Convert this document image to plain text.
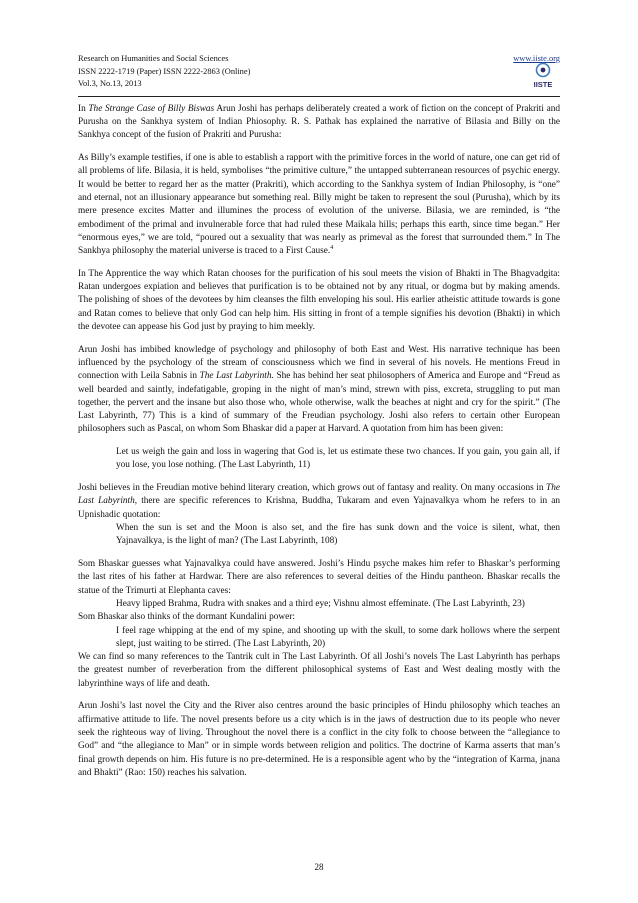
Research on Humanities and Social Sciences
ISSN 2222-1719 (Paper) ISSN 2222-2863 (Online)
Vol.3, No.13, 2013
www.iiste.org
IISTE

In The Strange Case of Billy Biswas Arun Joshi has perhaps deliberately created a work of fiction on the concept of Prakriti and Purusha on the Sankhya system of Indian Phiosophy. R. S. Pathak has explained the narrative of Bilasia and Billy on the Sankhya concept of the fusion of Prakriti and Purusha:

As Billy’s example testifies, if one is able to establish a rapport with the primitive forces in the world of nature, one can get rid of all problems of life. Bilasia, it is held, symbolises “the primitive culture,” the untapped subterranean resources of psychic energy. It would be better to regard her as the matter (Prakriti), which according to the Sankhya system of Indian Philosophy, is “one” and eternal, not an illusionary appearance but something real. Billy might be taken to represent the soul (Purusha), which by its mere presence excites Matter and illumines the process of evolution of the universe. Bilasia, we are reminded, is “the embodiment of the primal and invulnerable force that had ruled these Maikala hills; perhaps this earth, since time began.” Her “enormous eyes,” we are told, “poured out a sexuality that was nearly as primeval as the forest that surrounded them.” In The Sankhya philosophy the material universe is traced to a First Cause.$^4$

In The Apprentice the way which Ratan chooses for the purification of his soul meets the vision of Bhakti in The Bhagvadgita: Ratan undergoes expiation and believes that purification is to be obtained not by any ritual, or dogma but by making amends. The polishing of shoes of the devotees by him cleanses the filth enveloping his soul. His earlier atheistic attitude towards is gone and Ratan comes to believe that only God can help him. His sitting in front of a temple signifies his devotion (Bhakti) in which the devotee can appease his God just by praying to him meekly.

Arun Joshi has imbibed knowledge of psychology and philosophy of both East and West. His narrative technique has been influenced by the psychology of the stream of consciousness which we find in several of his novels. He mentions Freud in connection with Leila Sabnis in The Last Labyrinth. She has behind her seat philosophers of America and Europe and “Freud as well bearded and saintly, indefatigable, groping in the night of man’s mind, strewn with piss, excreta, struggling to put man together, the pervert and the insane but also those who, whole otherwise, walk the beaches at night and cry for the spirit.” (The Last Labyrinth, 77) This is a kind of summary of the Freudian psychology. Joshi also refers to certain other European philosophers such as Pascal, on whom Som Bhaskar did a paper at Harvard. A quotation from him has been given:

Let us weigh the gain and loss in wagering that God is, let us estimate these two chances. If you gain, you gain all, if you lose, you lose nothing. (The Last Labyrinth, 11)

Joshi believes in the Freudian motive behind literary creation, which grows out of fantasy and reality. On many occasions in The Last Labyrinth, there are specific references to Krishna, Buddha, Tukaram and even Yajnavalkya whom he refers to in an Upnishadic quotation:

When the sun is set and the Moon is also set, and the fire has sunk down and the voice is silent, what, then Yajnavalkya, is the light of man? (The Last Labyrinth, 108)

Som Bhaskar guesses what Yajnavalkya could have answered. Joshi’s Hindu psyche makes him refer to Bhaskar’s performing the last rites of his father at Hardwar. There are also references to several deities of the Hindu pantheon. Bhaskar recalls the statue of the Trimurti at Elephanta caves:

Heavy lipped Brahma, Rudra with snakes and a third eye; Vishnu almost effeminate. (The Last Labyrinth, 23)

Som Bhaskar also thinks of the dormant Kundalini power:

I feel rage whipping at the end of my spine, and shooting up with the skull, to some dark hollows where the serpent slept, just waiting to be stirred. (The Last Labyrinth, 20)

We can find so many references to the Tantrik cult in The Last Labyrinth. Of all Joshi’s novels The Last Labyrinth has perhaps the greatest number of reverberation from the different philosophical systems of East and West dealing mostly with the labyrinthine ways of life and death.

Arun Joshi’s last novel the City and the River also centres around the basic principles of Hindu philosophy which teaches an affirmative attitude to life. The novel presents before us a city which is in the jaws of destruction due to its people who never seek the righteous way of living. Throughout the novel there is a conflict in the city folk to choose between the “allegiance to God” and “the allegiance to Man” or in simple words between religion and politics. The doctrine of Karma asserts that man’s final growth depends on him. His future is no pre-determined. He is a responsible agent who by the “integration of Karma, jnana and Bhakti” (Rao: 150) reaches his salvation.

28
